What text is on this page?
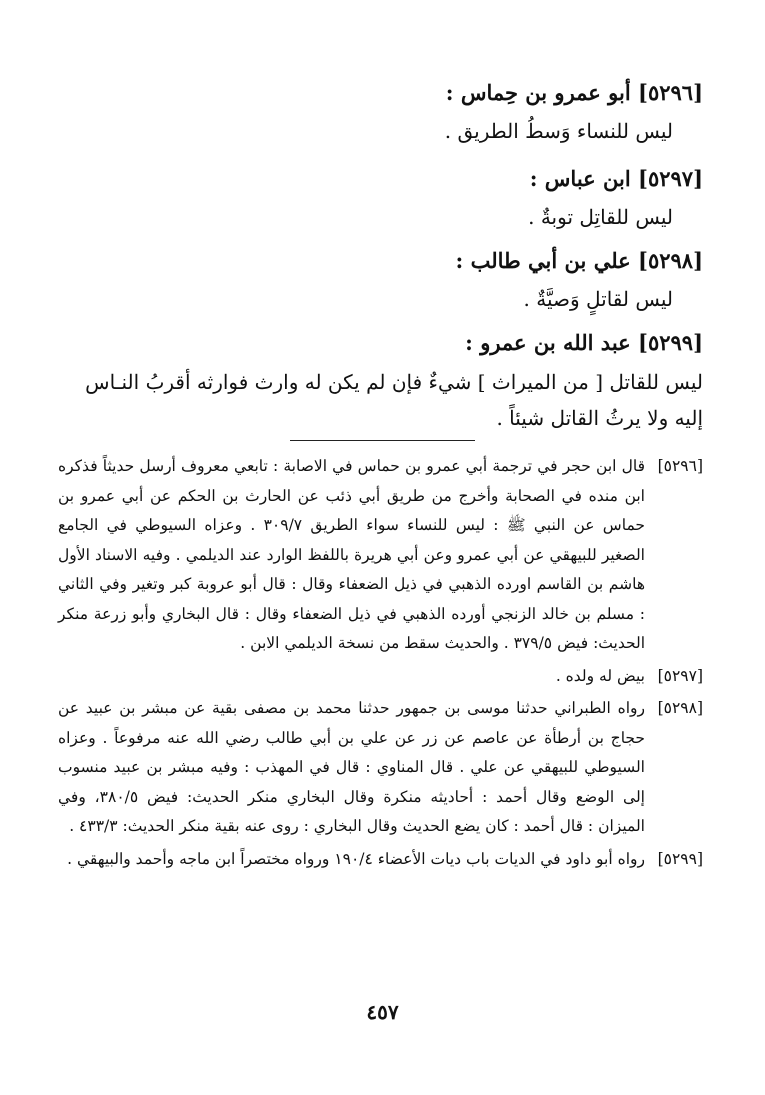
[٥٢٩٦] أبو عمرو بن حِماس :
ليس للنساء وَسطُ الطريق .
[٥٢٩٧] ابن عباس :
ليس للقاتِل توبةٌ .
[٥٢٩٨] علي بن أبي طالب :
ليس لقاتلٍ وَصيَّةٌ .
[٥٢٩٩] عبد الله بن عمرو :
ليس للقاتل [ من الميراث ] شيءٌ فإن لم يكن له وارث فوارثه أقربُ النـاس إليه ولا يرثُ القاتل شيئاً .
[٥٢٩٦]
قال ابن حجر في ترجمة أبي عمرو بن حماس في الاصابة : تابعي معروف أرسل حديثاً فذكره ابن منده في الصحابة وأخرج من طريق أبي ذئب عن الحارث بن الحكم عن أبي عمرو بن حماس عن النبي ﷺ : ليس للنساء سواء الطريق ٣٠٩/٧ . وعزاه السيوطي في الجامع الصغير للبيهقي عن أبي عمرو وعن أبي هريرة باللفظ الوارد عند الديلمي . وفيه الاسناد الأول هاشم بن القاسم اورده الذهبي في ذيل الضعفاء وقال : قال أبو عروبة كبر وتغير وفي الثاني : مسلم بن خالد الزنجي أورده الذهبي في ذيل الضعفاء وقال : قال البخاري وأبو زرعة منكر الحديث: فيض ٣٧٩/٥ . والحديث سقط من نسخة الديلمي الابن .
[٥٢٩٧]
بيض له ولده .
[٥٢٩٨]
رواه الطبراني حدثنا موسى بن جمهور حدثنا محمد بن مصفى بقية عن مبشر بن عبيد عن حجاج بن أرطأة عن عاصم عن زر عن علي بن أبي طالب رضي الله عنه مرفوعاً . وعزاه السيوطي للبيهقي عن علي . قال المناوي : قال في المهذب : وفيه مبشر بن عبيد منسوب إلى الوضع وقال أحمد : أحاديثه منكرة وقال البخاري منكر الحديث: فيض ٣٨٠/٥، وفي الميزان : قال أحمد : كان يضع الحديث وقال البخاري : روى عنه بقية منكر الحديث: ٤٣٣/٣ .
[٥٢٩٩]
رواه أبو داود في الديات باب ديات الأعضاء ١٩٠/٤ ورواه مختصراً ابن ماجه وأحمد والبيهقي .
٤٥٧
